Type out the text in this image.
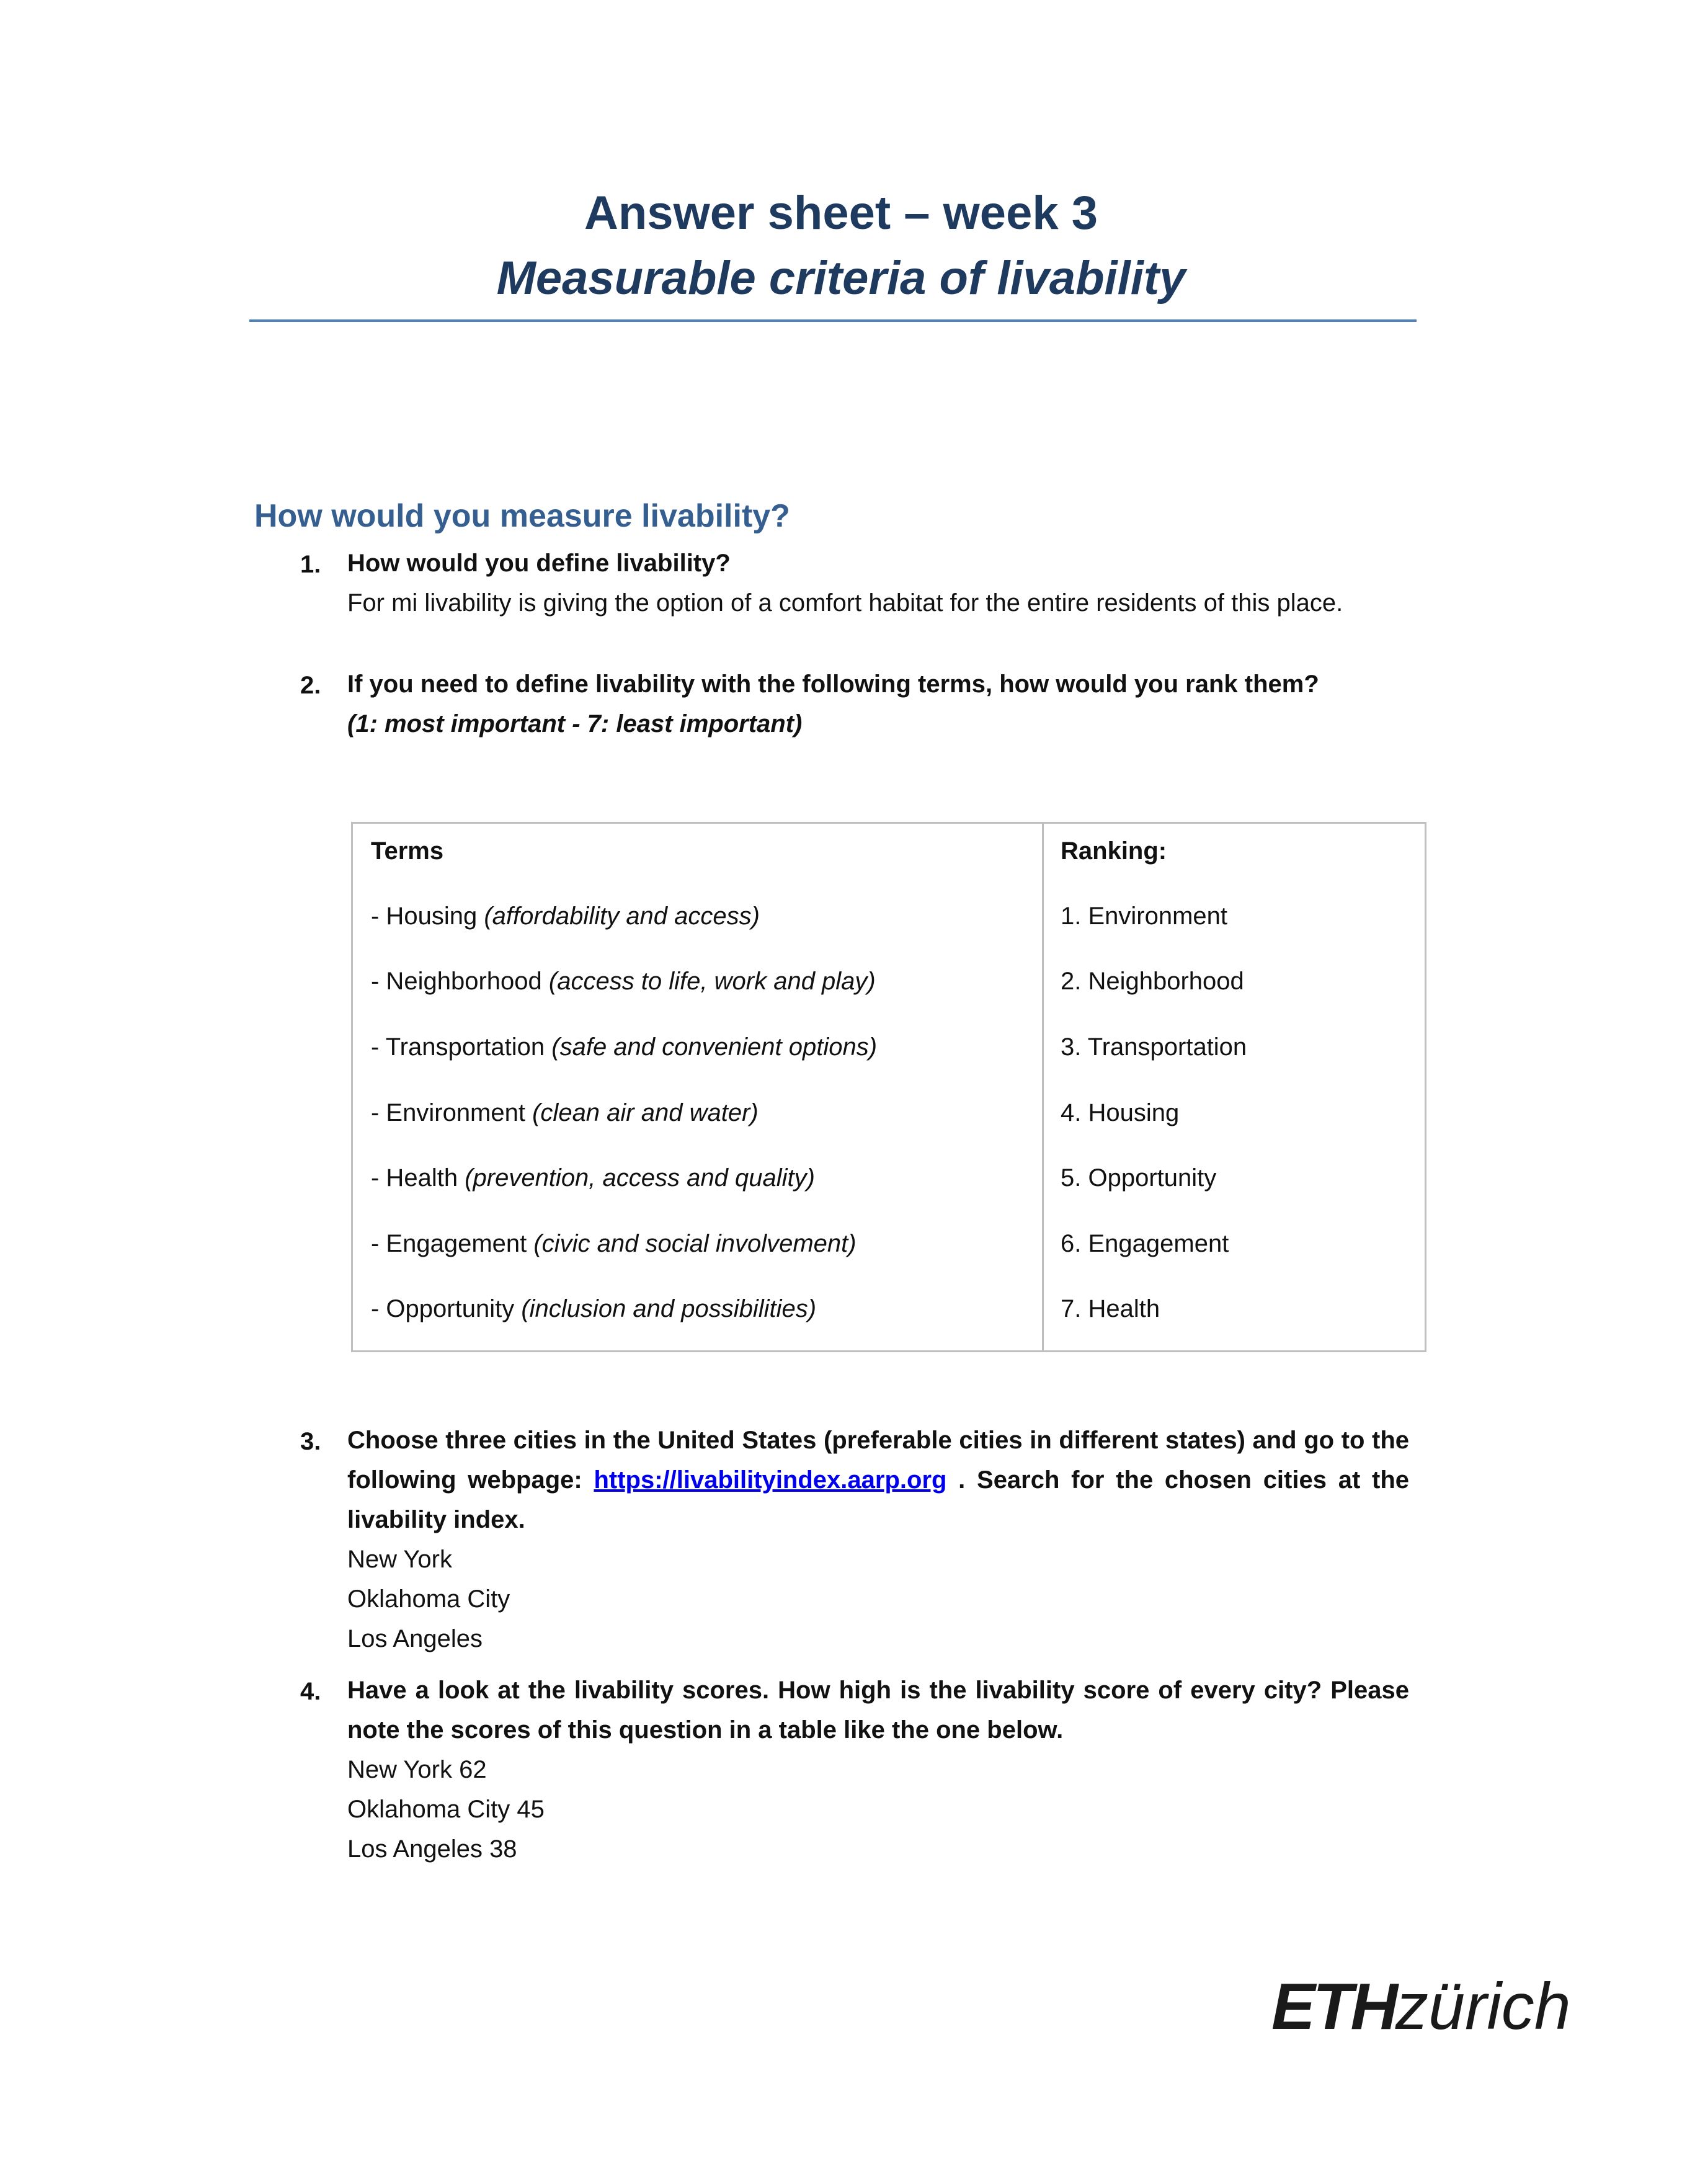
Answer sheet – week 3
Measurable criteria of livability
How would you measure livability?
1. How would you define livability?
For mi livability is giving the option of a comfort habitat for the entire residents of this place.
2. If you need to define livability with the following terms, how would you rank them?
(1: most important - 7: least important)
Terms	Ranking:
- Housing (affordability and access)
- Neighborhood (access to life, work and play)
- Transportation (safe and convenient options)
- Environment (clean air and water)
- Health (prevention, access and quality)
- Engagement (civic and social involvement)
- Opportunity (inclusion and possibilities)
1. Environment
2. Neighborhood
3. Transportation
4. Housing
5. Opportunity
6. Engagement
7. Health
3. Choose three cities in the United States (preferable cities in different states) and go to the following webpage: https://livabilityindex.aarp.org . Search for the chosen cities at the livability index.
New York
Oklahoma City
Los Angeles
4. Have a look at the livability scores. How high is the livability score of every city? Please note the scores of this question in a table like the one below.
New York 62
Oklahoma City 45
Los Angeles 38
ETHzürich
